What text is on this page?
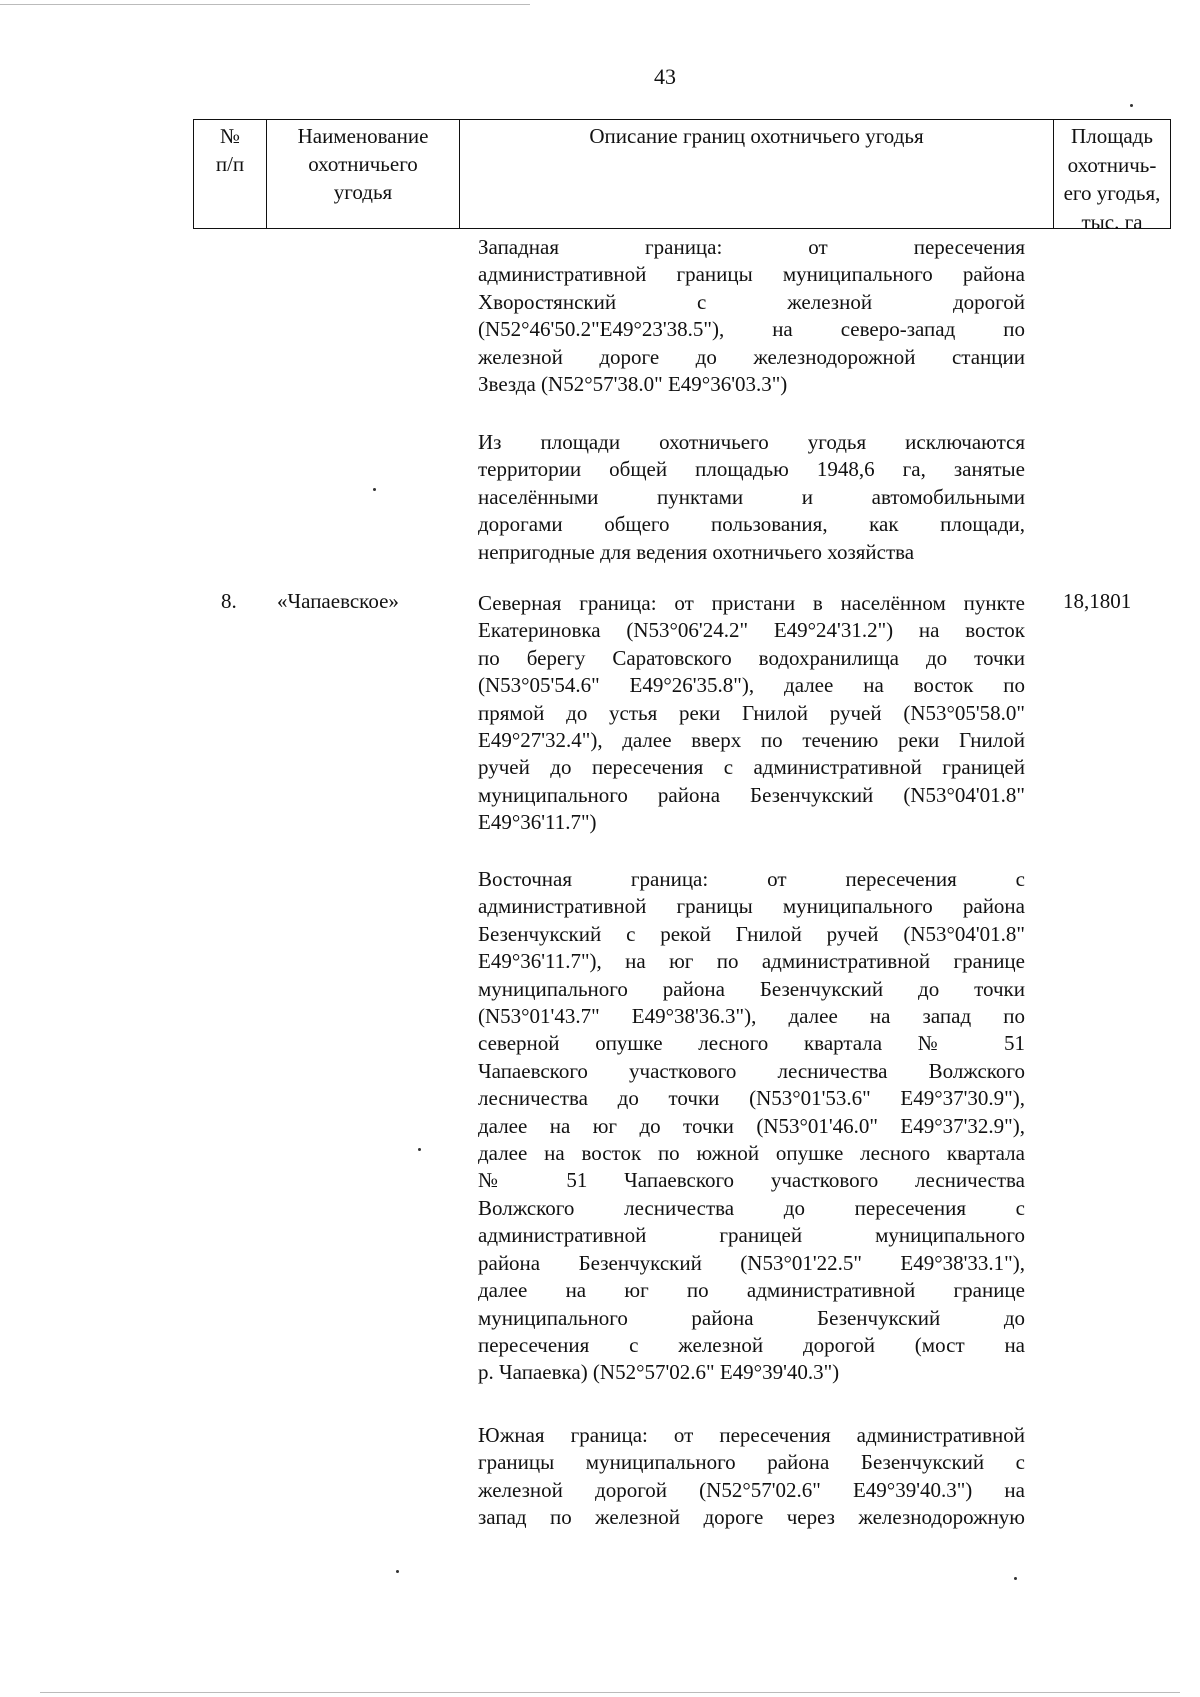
43
№
п/п
Наименование
охотничьего
угодья
Описание границ охотничьего угодья	Площадь
охотничь-
его угодья,
тыс. га
Западная граница: от пересечения
административной границы муниципального района
Хворостянский с железной дорогой
(N52°46'50.2"E49°23'38.5"), на северо-запад по
железной дороге до железнодорожной станции
Звезда (N52°57'38.0" E49°36'03.3")
Из площади охотничьего угодья исключаются
территории общей площадью 1948,6 га, занятые
населёнными пунктами и автомобильными
дорогами общего пользования, как площади,
непригодные для ведения охотничьего хозяйства
8. «Чапаевское»	18,1801
Северная граница: от пристани в населённом пункте
Екатериновка (N53°06'24.2" E49°24'31.2") на восток
по берегу Саратовского водохранилища до точки
(N53°05'54.6" E49°26'35.8"), далее на восток по
прямой до устья реки Гнилой ручей (N53°05'58.0"
E49°27'32.4"), далее вверх по течению реки Гнилой
ручей до пересечения с административной границей
муниципального района Безенчукский (N53°04'01.8"
E49°36'11.7")
Восточная граница: от пересечения с
административной границы муниципального района
Безенчукский с рекой Гнилой ручей (N53°04'01.8"
E49°36'11.7"), на юг по административной границе
муниципального района Безенчукский до точки
(N53°01'43.7" E49°38'36.3"), далее на запад по
северной опушке лесного квартала № 51
Чапаевского участкового лесничества Волжского
лесничества до точки (N53°01'53.6" E49°37'30.9"),
далее на юг до точки (N53°01'46.0" E49°37'32.9"),
далее на восток по южной опушке лесного квартала
№ 51 Чапаевского участкового лесничества
Волжского лесничества до пересечения с
административной границей муниципального
района Безенчукский (N53°01'22.5" E49°38'33.1"),
далее на юг по административной границе
муниципального района Безенчукский до
пересечения с железной дорогой (мост на
р. Чапаевка) (N52°57'02.6" E49°39'40.3")
Южная граница: от пересечения административной
границы муниципального района Безенчукский с
железной дорогой (N52°57'02.6" E49°39'40.3") на
запад по железной дороге через железнодорожную
